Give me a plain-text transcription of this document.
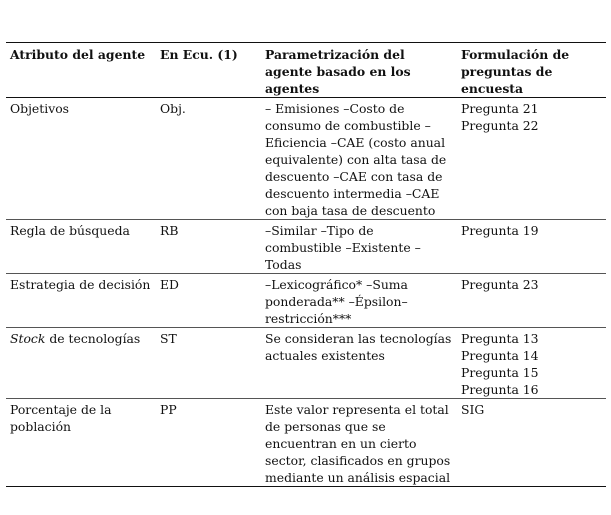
Atributo del agente	En Ecu. (1)	Parametrización del agente basado en los agentes	Formulación de preguntas de encuesta
Objetivos	Obj.	– Emisiones –Costo de consumo de combustible –Eficiencia –CAE (costo anual equivalente) con alta tasa de descuento –CAE con tasa de descuento intermedia –CAE con baja tasa de descuento	Pregunta 21
Pregunta 22

Regla de búsqueda	RB	–Similar –Tipo de combustible –Existente –Todas	Pregunta 19

Estrategia de decisión	ED	–Lexicográfico* –Suma ponderada** –Épsilon–restricción***	Pregunta 23

Stock de tecnologías	ST	Se consideran las tecnologías actuales existentes	Pregunta 13
Pregunta 14
Pregunta 15
Pregunta 16

Porcentaje de la población	PP	Este valor representa el total de personas que se encuentran en un cierto sector, clasificados en grupos mediante un análisis espacial	SIG
